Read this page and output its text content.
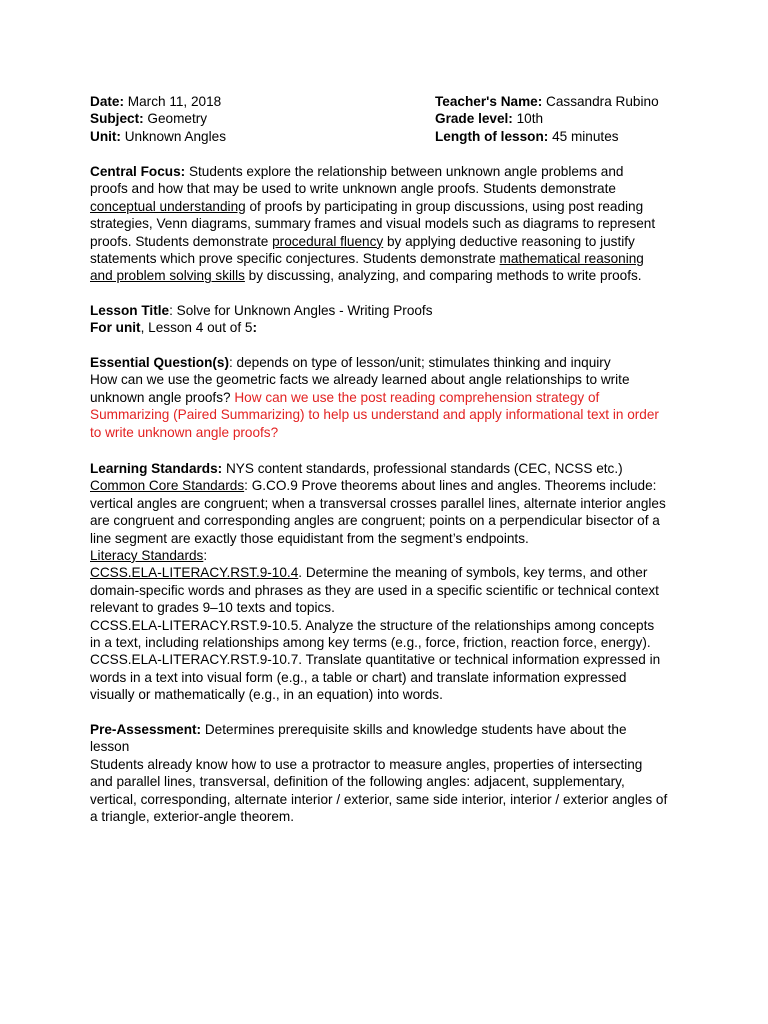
Date: March 11, 2018
Subject: Geometry
Unit: Unknown Angles
Teacher's Name: Cassandra Rubino
Grade level: 10th
Length of lesson: 45 minutes
Central Focus: Students explore the relationship between unknown angle problems and
proofs and how that may be used to write unknown angle proofs. Students demonstrate
conceptual understanding of proofs by participating in group discussions, using post reading
strategies, Venn diagrams, summary frames and visual models such as diagrams to represent
proofs. Students demonstrate procedural fluency by applying deductive reasoning to justify
statements which prove specific conjectures. Students demonstrate mathematical reasoning
and problem solving skills by discussing, analyzing, and comparing methods to write proofs.
Lesson Title: Solve for Unknown Angles - Writing Proofs
For unit, Lesson 4 out of 5:
Essential Question(s): depends on type of lesson/unit; stimulates thinking and inquiry
How can we use the geometric facts we already learned about angle relationships to write
unknown angle proofs? How can we use the post reading comprehension strategy of
Summarizing (Paired Summarizing) to help us understand and apply informational text in order
to write unknown angle proofs?
Learning Standards: NYS content standards, professional standards (CEC, NCSS etc.)
Common Core Standards: G.CO.9 Prove theorems about lines and angles. Theorems include:
vertical angles are congruent; when a transversal crosses parallel lines, alternate interior angles
are congruent and corresponding angles are congruent; points on a perpendicular bisector of a
line segment are exactly those equidistant from the segment’s endpoints.
Literacy Standards:
CCSS.ELA-LITERACY.RST.9-10.4. Determine the meaning of symbols, key terms, and other
domain-specific words and phrases as they are used in a specific scientific or technical context
relevant to grades 9–10 texts and topics.
CCSS.ELA-LITERACY.RST.9-10.5. Analyze the structure of the relationships among concepts
in a text, including relationships among key terms (e.g., force, friction, reaction force, energy).
CCSS.ELA-LITERACY.RST.9-10.7. Translate quantitative or technical information expressed in
words in a text into visual form (e.g., a table or chart) and translate information expressed
visually or mathematically (e.g., in an equation) into words.
Pre-Assessment: Determines prerequisite skills and knowledge students have about the
lesson
Students already know how to use a protractor to measure angles, properties of intersecting
and parallel lines, transversal, definition of the following angles: adjacent, supplementary,
vertical, corresponding, alternate interior / exterior, same side interior, interior / exterior angles of
a triangle, exterior-angle theorem.
